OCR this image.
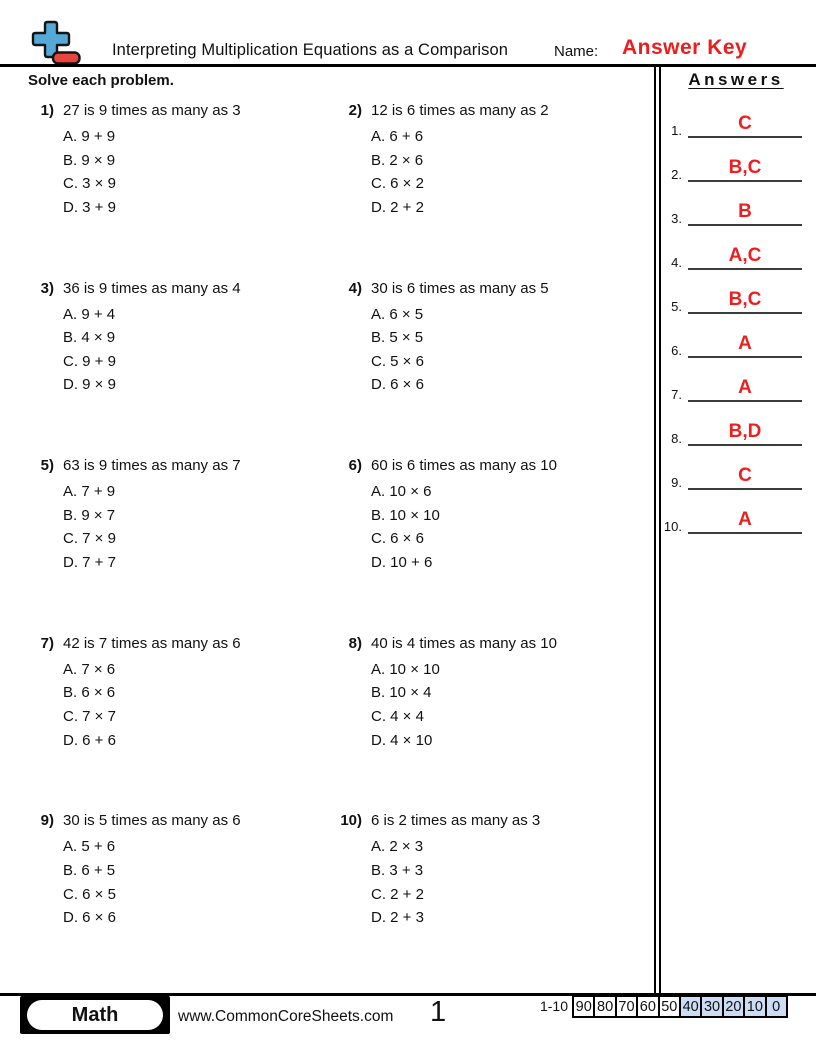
Interpreting Multiplication Equations as a Comparison	Name: Answer Key
Solve each problem.
1) 27 is 9 times as many as 3
A. 9 + 9
B. 9 × 9
C. 3 × 9
D. 3 + 9
2) 12 is 6 times as many as 2
A. 6 + 6
B. 2 × 6
C. 6 × 2
D. 2 + 2
3) 36 is 9 times as many as 4
A. 9 + 4
B. 4 × 9
C. 9 + 9
D. 9 × 9
4) 30 is 6 times as many as 5
A. 6 × 5
B. 5 × 5
C. 5 × 6
D. 6 × 6
5) 63 is 9 times as many as 7
A. 7 + 9
B. 9 × 7
C. 7 × 9
D. 7 + 7
6) 60 is 6 times as many as 10
A. 10 × 6
B. 10 × 10
C. 6 × 6
D. 10 + 6
7) 42 is 7 times as many as 6
A. 7 × 6
B. 6 × 6
C. 7 × 7
D. 6 + 6
8) 40 is 4 times as many as 10
A. 10 × 10
B. 10 × 4
C. 4 × 4
D. 4 × 10
9) 30 is 5 times as many as 6
A. 5 + 6
B. 6 + 5
C. 6 × 5
D. 6 × 6
10) 6 is 2 times as many as 3
A. 2 × 3
B. 3 + 3
C. 2 + 2
D. 2 + 3
Answers
1.	C
2.	B,C
3.	B
4.	A,C
5.	B,C
6.	A
7.	A
8.	B,D
9.	C
10.	A
Math	www.CommonCoreSheets.com 1	1-10 90 80 70 60 50 40 30 20 10 0
